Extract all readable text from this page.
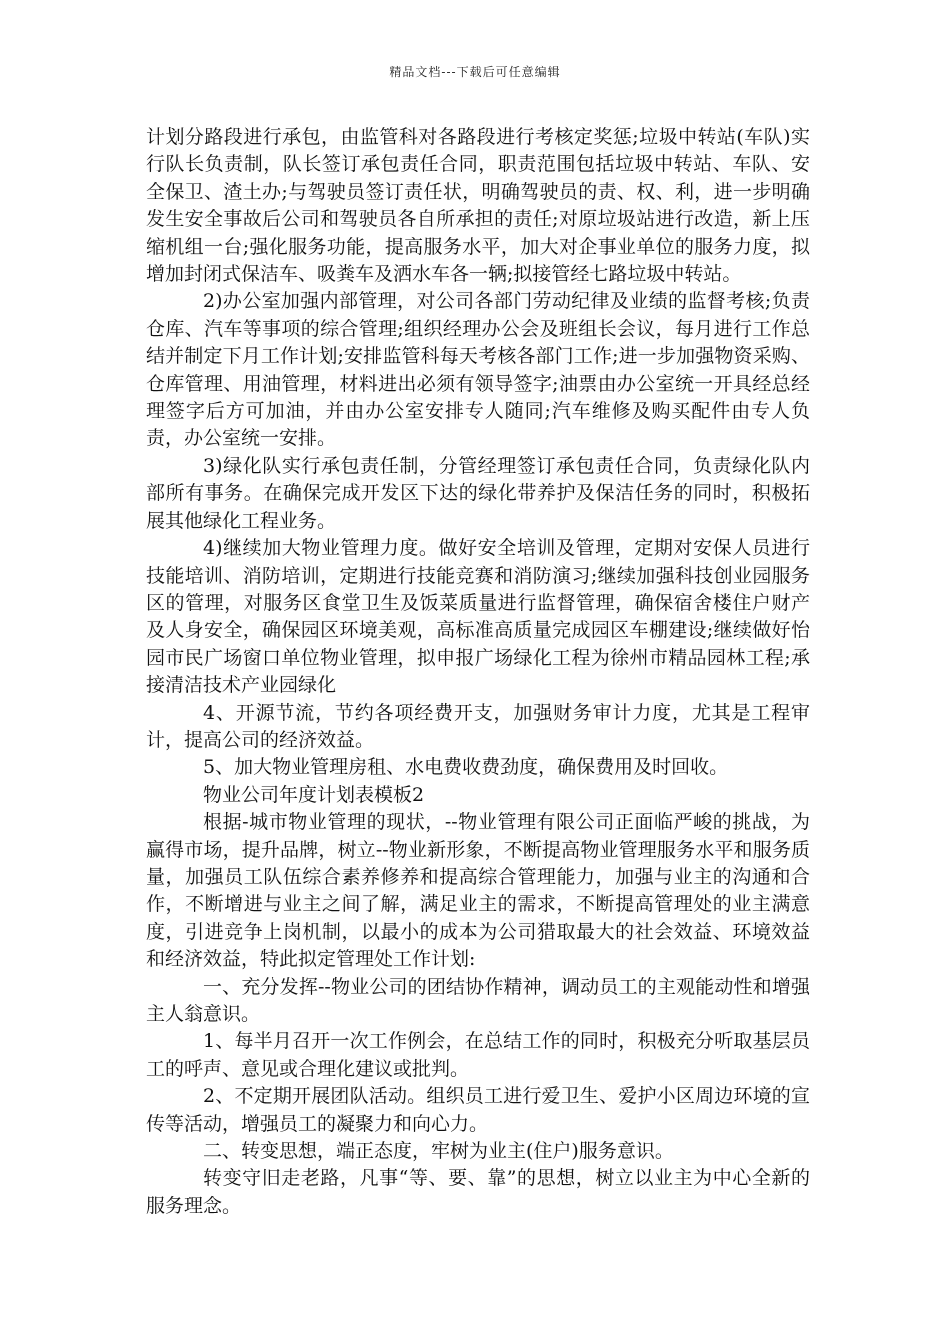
精品文档---下载后可任意编辑

计划分路段进行承包，由监管科对各路段进行考核定奖惩;垃圾中转站(车队)实行队长负责制，队长签订承包责任合同，职责范围包括垃圾中转站、车队、安全保卫、渣土办;与驾驶员签订责任状，明确驾驶员的责、权、利，进一步明确发生安全事故后公司和驾驶员各自所承担的责任;对原垃圾站进行改造，新上压缩机组一台;强化服务功能，提高服务水平，加大对企事业单位的服务力度，拟增加封闭式保洁车、吸粪车及洒水车各一辆;拟接管经七路垃圾中转站。

2)办公室加强内部管理，对公司各部门劳动纪律及业绩的监督考核;负责仓库、汽车等事项的综合管理;组织经理办公会及班组长会议，每月进行工作总结并制定下月工作计划;安排监管科每天考核各部门工作;进一步加强物资采购、仓库管理、用油管理，材料进出必须有领导签字;油票由办公室统一开具经总经理签字后方可加油，并由办公室安排专人随同;汽车维修及购买配件由专人负责，办公室统一安排。

3)绿化队实行承包责任制，分管经理签订承包责任合同，负责绿化队内部所有事务。在确保完成开发区下达的绿化带养护及保洁任务的同时，积极拓展其他绿化工程业务。

4)继续加大物业管理力度。做好安全培训及管理，定期对安保人员进行技能培训、消防培训，定期进行技能竞赛和消防演习;继续加强科技创业园服务区的管理，对服务区食堂卫生及饭菜质量进行监督管理，确保宿舍楼住户财产及人身安全，确保园区环境美观，高标准高质量完成园区车棚建设;继续做好怡园市民广场窗口单位物业管理，拟申报广场绿化工程为徐州市精品园林工程;承接清洁技术产业园绿化

4、开源节流，节约各项经费开支，加强财务审计力度，尤其是工程审计，提高公司的经济效益。

5、加大物业管理房租、水电费收费劲度，确保费用及时回收。

物业公司年度计划表模板2

根据-城市物业管理的现状，--物业管理有限公司正面临严峻的挑战，为赢得市场，提升品牌，树立--物业新形象，不断提高物业管理服务水平和服务质量，加强员工队伍综合素养修养和提高综合管理能力，加强与业主的沟通和合作，不断增进与业主之间了解，满足业主的需求，不断提高管理处的业主满意度，引进竞争上岗机制，以最小的成本为公司猎取最大的社会效益、环境效益和经济效益，特此拟定管理处工作计划:

一、充分发挥--物业公司的团结协作精神，调动员工的主观能动性和增强主人翁意识。

1、每半月召开一次工作例会，在总结工作的同时，积极充分听取基层员工的呼声、意见或合理化建议或批判。

2、不定期开展团队活动。组织员工进行爱卫生、爱护小区周边环境的宣传等活动，增强员工的凝聚力和向心力。

二、转变思想，端正态度，牢树为业主(住户)服务意识。

转变守旧走老路，凡事“等、要、靠”的思想，树立以业主为中心全新的服务理念。
